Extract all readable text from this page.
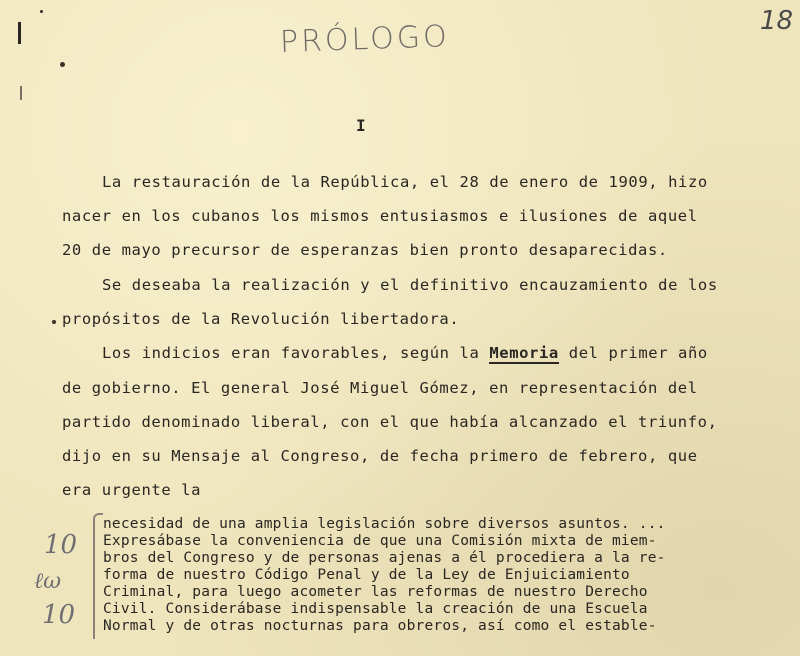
PRÓLOGO	18
I
La restauración de la República, el 28 de enero de 1909, hizo
nacer en los cubanos los mismos entusiasmos e ilusiones de aquel
20 de mayo precursor de esperanzas bien pronto desaparecidas.
Se deseaba la realización y el definitivo encauzamiento de los
propósitos de la Revolución libertadora.
Los indicios eran favorables, según la Memoria del primer año
de gobierno. El general José Miguel Gómez, en representación del
partido denominado liberal, con el que había alcanzado el triunfo,
dijo en su Mensaje al Congreso, de fecha primero de febrero, que
era urgente la
necesidad de una amplia legislación sobre diversos asuntos. ...
Expresábase la conveniencia de que una Comisión mixta de miem-
bros del Congreso y de personas ajenas a él procediera a la re-
forma de nuestro Código Penal y de la Ley de Enjuiciamiento
Criminal, para luego acometer las reformas de nuestro Derecho
Civil. Considerábase indispensable la creación de una Escuela
Normal y de otras nocturnas para obreros, así como el estable-
10
ℓω
10
